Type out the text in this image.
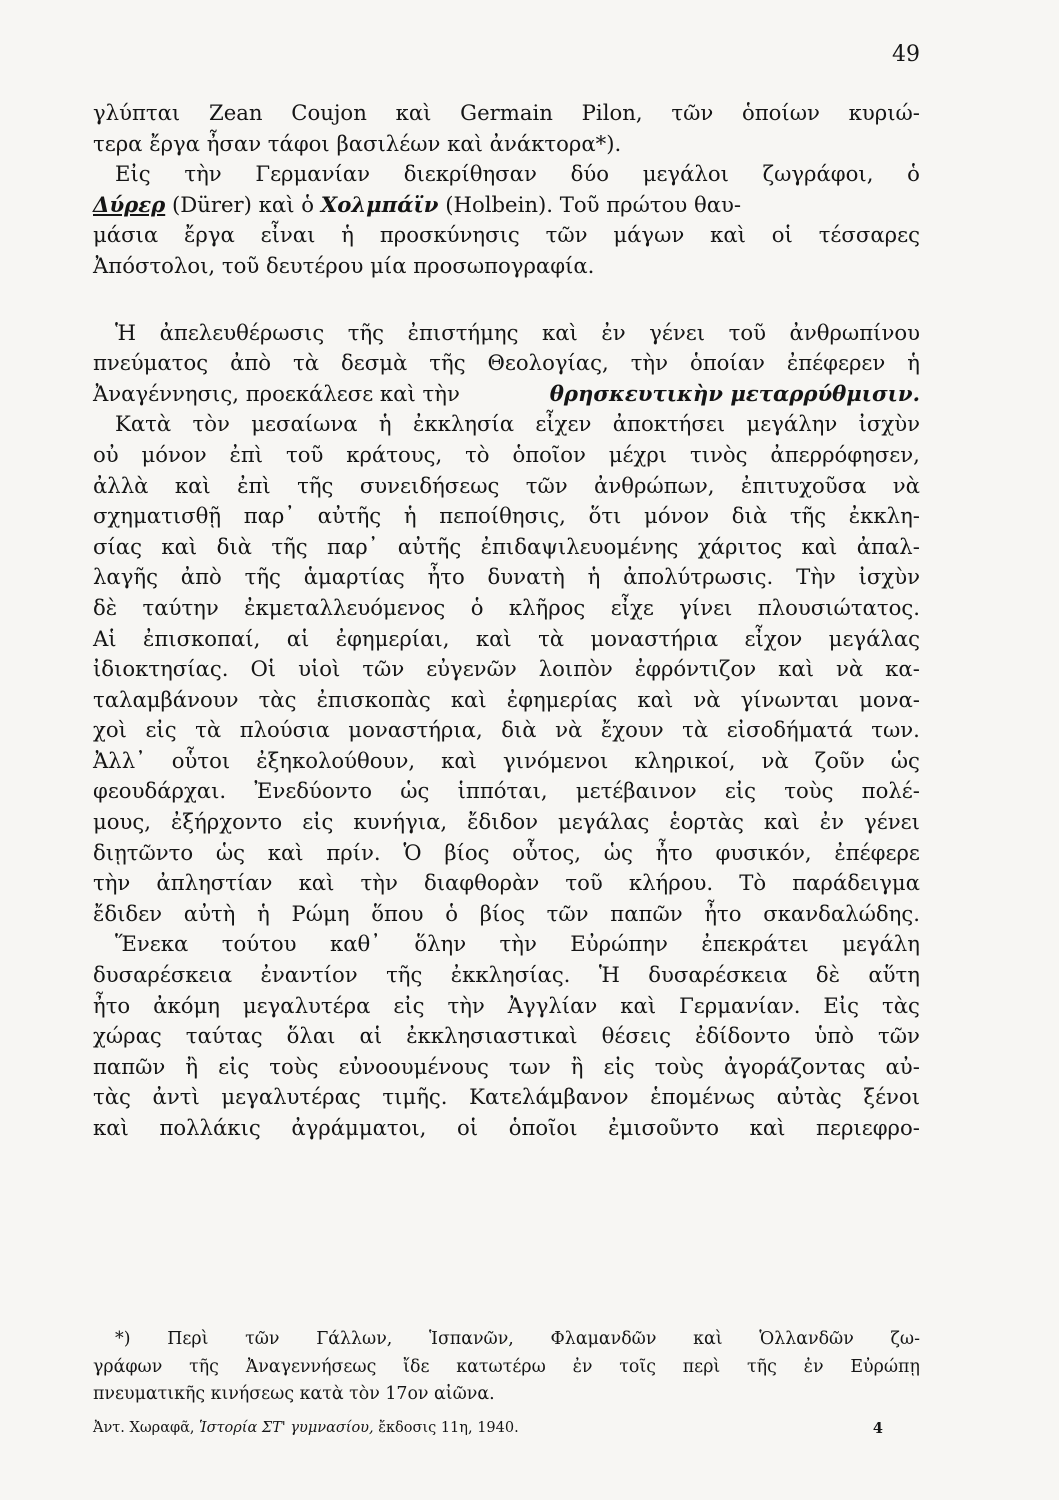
49
γλύπται Zean Coujon καὶ Germain Pilon, τῶν ὁποίων κυριώ-
τερα ἔργα ἦσαν τάφοι βασιλέων καὶ ἀνάκτορα*).
Εἰς τὴν Γερμανίαν διεκρίθησαν δύο μεγάλοι ζωγράφοι, ὁ
Δύρερ (Dürer) καὶ ὁ Χολμπάϊν (Holbein). Τοῦ πρώτου θαυ-
μάσια ἔργα εἶναι ἡ προσκύνησις τῶν μάγων καὶ οἱ τέσσαρες
Ἀπόστολοι, τοῦ δευτέρου μία προσωπογραφία.
Ἡ ἀπελευθέρωσις τῆς ἐπιστήμης καὶ ἐν γένει τοῦ ἀνθρωπίνου
πνεύματος ἀπὸ τὰ δεσμὰ τῆς Θεολογίας, τὴν ὁποίαν ἐπέφερεν ἡ
Ἀναγέννησις, προεκάλεσε καὶ τὴν	θρησκευτικὴν μεταρρύθμισιν.
Κατὰ τὸν μεσαίωνα ἡ ἐκκλησία εἶχεν ἀποκτήσει μεγάλην ἰσχὺν
οὐ μόνον ἐπὶ τοῦ κράτους, τὸ ὁποῖον μέχρι τινὸς ἀπερρόφησεν,
ἀλλὰ καὶ ἐπὶ τῆς συνειδήσεως τῶν ἀνθρώπων, ἐπιτυχοῦσα νὰ
σχηματισθῇ παρ᾽ αὐτῆς ἡ πεποίθησις, ὅτι μόνον διὰ τῆς ἐκκλη-
σίας καὶ διὰ τῆς παρ᾽ αὐτῆς ἐπιδαψιλευομένης χάριτος καὶ ἀπαλ-
λαγῆς ἀπὸ τῆς ἁμαρτίας ἦτο δυνατὴ ἡ ἀπολύτρωσις. Τὴν ἰσχὺν
δὲ ταύτην ἐκμεταλλευόμενος ὁ κλῆρος εἶχε γίνει πλουσιώτατος.
Αἱ ἐπισκοπαί, αἱ ἐφημερίαι, καὶ τὰ μοναστήρια εἶχον μεγάλας
ἰδιοκτησίας. Οἱ υἱοὶ τῶν εὐγενῶν λοιπὸν ἐφρόντιζον καὶ νὰ κα-
ταλαμβάνουν τὰς ἐπισκοπὰς καὶ ἐφημερίας καὶ νὰ γίνωνται μονα-
χοὶ εἰς τὰ πλούσια μοναστήρια, διὰ νὰ ἔχουν τὰ εἰσοδήματά των.
Ἀλλ᾽ οὗτοι ἐξηκολούθουν, καὶ γινόμενοι κληρικοί, νὰ ζοῦν ὡς
φεουδάρχαι. Ἐνεδύοντο ὡς ἱππόται, μετέβαινον εἰς τοὺς πολέ-
μους, ἐξήρχοντο εἰς κυνήγια, ἔδιδον μεγάλας ἑορτὰς καὶ ἐν γένει
διῃτῶντο ὡς καὶ πρίν. Ὁ βίος οὗτος, ὡς ἦτο φυσικόν, ἐπέφερε
τὴν ἀπληστίαν καὶ τὴν διαφθορὰν τοῦ κλήρου. Τὸ παράδειγμα
ἔδιδεν αὐτὴ ἡ Ρώμη ὅπου ὁ βίος τῶν παπῶν ἦτο σκανδαλώδης.
Ἕνεκα τούτου καθ᾽ ὅλην τὴν Εὐρώπην ἐπεκράτει μεγάλη
δυσαρέσκεια ἐναντίον τῆς ἐκκλησίας. Ἡ δυσαρέσκεια δὲ αὕτη
ἦτο ἀκόμη μεγαλυτέρα εἰς τὴν Ἀγγλίαν καὶ Γερμανίαν. Εἰς τὰς
χώρας ταύτας ὅλαι αἱ ἐκκλησιαστικαὶ θέσεις ἐδίδοντο ὑπὸ τῶν
παπῶν ἢ εἰς τοὺς εὐνοουμένους των ἢ εἰς τοὺς ἀγοράζοντας αὐ-
τὰς ἀντὶ μεγαλυτέρας τιμῆς. Κατελάμβανον ἑπομένως αὐτὰς ξένοι
καὶ πολλάκις ἀγράμματοι, οἱ ὁποῖοι ἐμισοῦντο καὶ περιεφρο-
*) Περὶ τῶν Γάλλων, Ἱσπανῶν, Φλαμανδῶν καὶ Ὁλλανδῶν ζω-
γράφων τῆς Ἀναγεννήσεως ἴδε κατωτέρω ἐν τοῖς περὶ τῆς ἐν Εὐρώπῃ
πνευματικῆς κινήσεως κατὰ τὸν 17ον αἰῶνα.
Ἀντ. Χωραφᾶ, Ἱστορία ΣΤ' γυμνασίου, ἔκδοσις 11η, 1940.	4
